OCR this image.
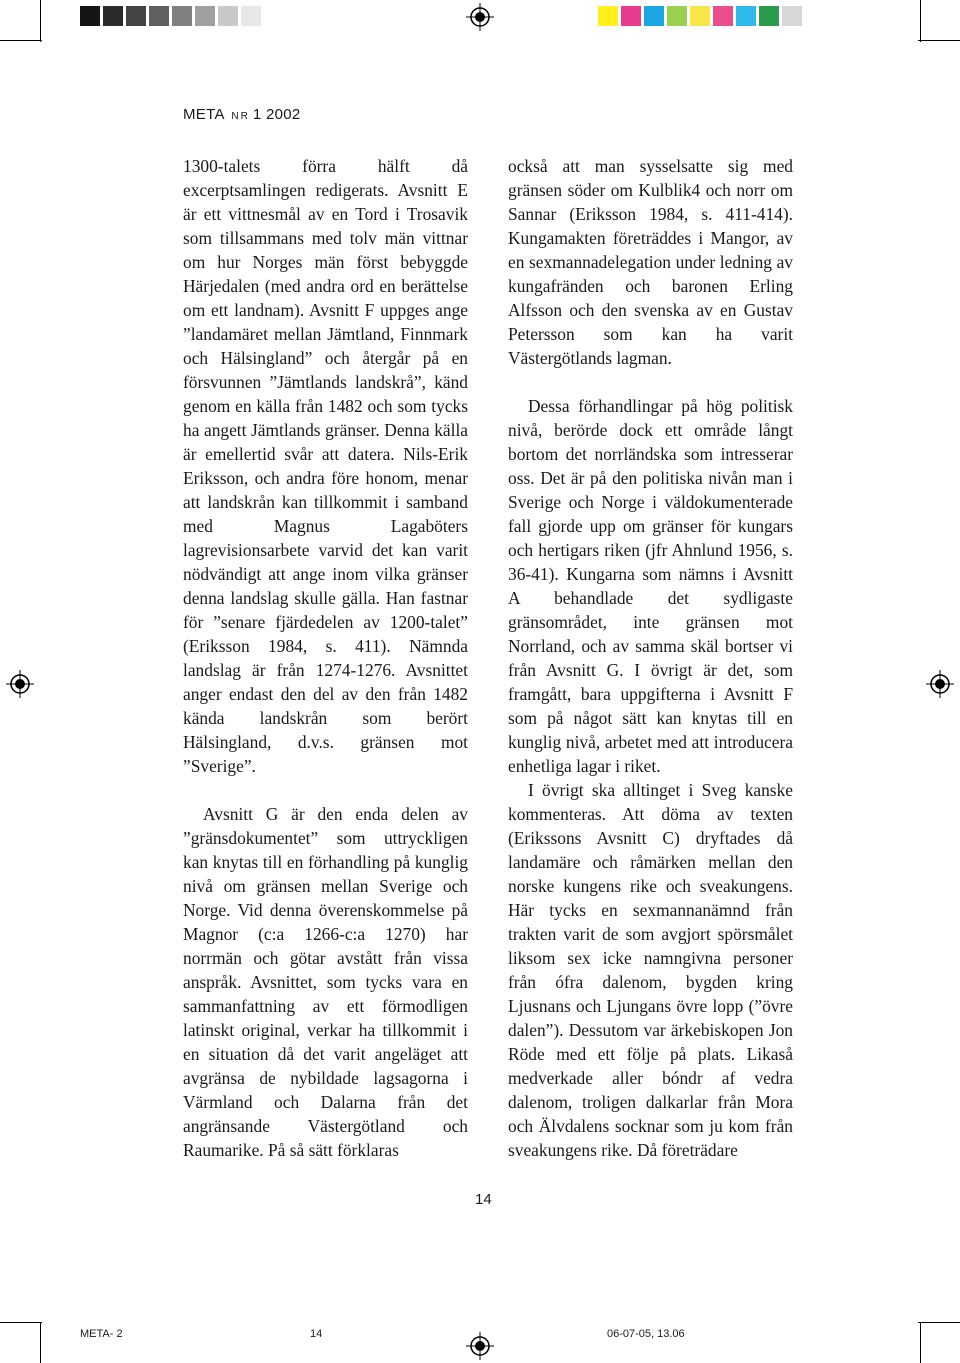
META NR 1 2002

1300-talets förra hälft då excerptsamlingen redigerats. Avsnitt E är ett vittnesmål av en Tord i Trosavik som tillsammans med tolv män vittnar om hur Norges män först bebyggde Härjedalen (med andra ord en berättelse om ett landnam). Avsnitt F uppges ange ”landamäret mellan Jämtland, Finnmark och Hälsingland” och återgår på en försvunnen ”Jämtlands landskrå”, känd genom en källa från 1482 och som tycks ha angett Jämtlands gränser. Denna källa är emellertid svår att datera. Nils-Erik Eriksson, och andra före honom, menar att landskrån kan tillkommit i samband med Magnus Lagaböters lagrevisionsarbete varvid det kan varit nödvändigt att ange inom vilka gränser denna landslag skulle gälla. Han fastnar för ”senare fjärdedelen av 1200-talet” (Eriksson 1984, s. 411). Nämnda landslag är från 1274-1276. Avsnittet anger endast den del av den från 1482 kända landskrån som berört Hälsingland, d.v.s. gränsen mot ”Sverige”.

Avsnitt G är den enda delen av ”gränsdokumentet” som uttryckligen kan knytas till en förhandling på kunglig nivå om gränsen mellan Sverige och Norge. Vid denna överenskommelse på Magnor (c:a 1266-c:a 1270) har norrmän och götar avstått från vissa anspråk. Avsnittet, som tycks vara en sammanfattning av ett förmodligen latinskt original, verkar ha tillkommit i en situation då det varit angeläget att avgränsa de nybildade lagsagorna i Värmland och Dalarna från det angränsande Västergötland och Raumarike. På så sätt förklaras

också att man sysselsatte sig med gränsen söder om Kulblik4 och norr om Sannar (Eriksson 1984, s. 411-414). Kungamakten företräddes i Mangor, av en sexmannadelegation under ledning av kungafränden och baronen Erling Alfsson och den svenska av en Gustav Petersson som kan ha varit Västergötlands lagman.

Dessa förhandlingar på hög politisk nivå, berörde dock ett område långt bortom det norrländska som intresserar oss. Det är på den politiska nivån man i Sverige och Norge i väldokumenterade fall gjorde upp om gränser för kungars och hertigars riken (jfr Ahnlund 1956, s. 36-41). Kungarna som nämns i Avsnitt A behandlade det sydligaste gränsområdet, inte gränsen mot Norrland, och av samma skäl bortser vi från Avsnitt G. I övrigt är det, som framgått, bara uppgifterna i Avsnitt F som på något sätt kan knytas till en kunglig nivå, arbetet med att introducera enhetliga lagar i riket.

I övrigt ska alltinget i Sveg kanske kommenteras. Att döma av texten (Erikssons Avsnitt C) dryftades då landamäre och råmärken mellan den norske kungens rike och sveakungens. Här tycks en sexmannanämnd från trakten varit de som avgjort spörsmålet liksom sex icke namngivna personer från ófra dalenom, bygden kring Ljusnans och Ljungans övre lopp (”övre dalen”). Dessutom var ärkebiskopen Jon Röde med ett följe på plats. Likaså medverkade aller bóndr af vedra dalenom, troligen dalkarlar från Mora och Älvdalens socknar som ju kom från sveakungens rike. Då företrädare

14
META- 2	14	06-07-05, 13.06
